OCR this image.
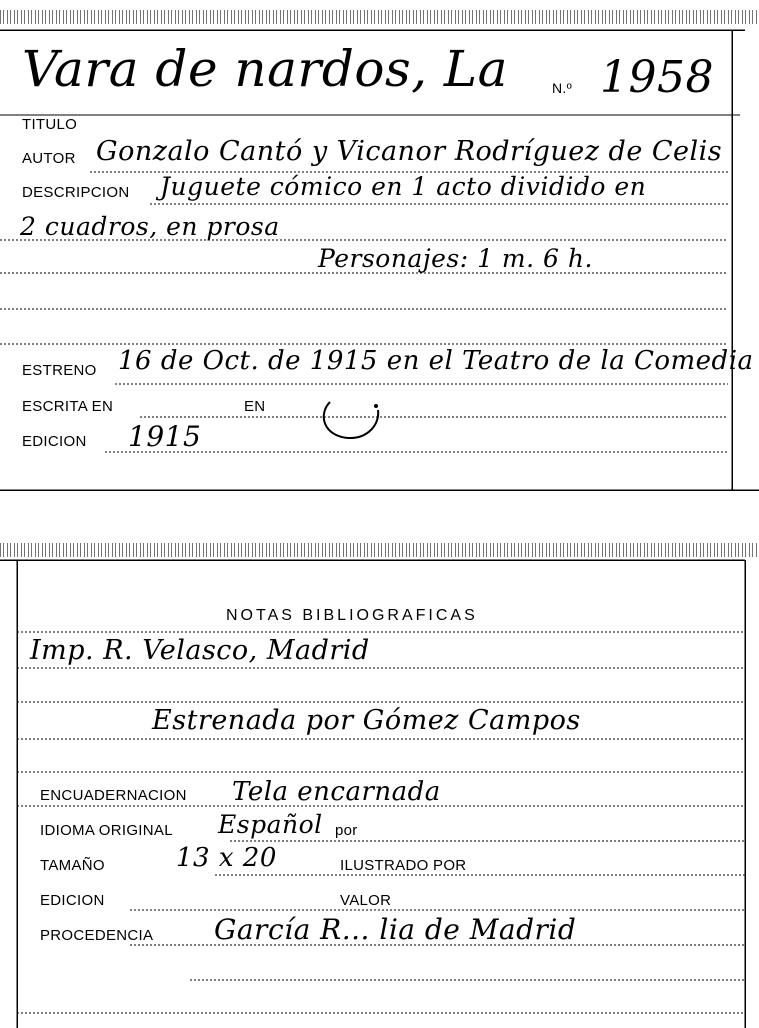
Vara de nardos, La	N.º 1958
TITULO
AUTOR Gonzalo Cantó y Vicanor Rodríguez de Celis
DESCRIPCION Juguete cómico en 1 acto dividido en
2 cuadros, en prosa
Personajes: 1 m. 6 h.
ESTRENO 16 de Oct. de 1915 en el Teatro de la Comedia
ESCRITA EN	EN
EDICION 1915
NOTAS BIBLIOGRAFICAS
Imp. R. Velasco, Madrid
Estrenada por Gómez Campos
ENCUADERNACION Tela encarnada
IDIOMA ORIGINAL Español por
TAMAÑO	13 x 20	ILUSTRADO POR
EDICION	VALOR
PROCEDENCIA García R... lia de Madrid
